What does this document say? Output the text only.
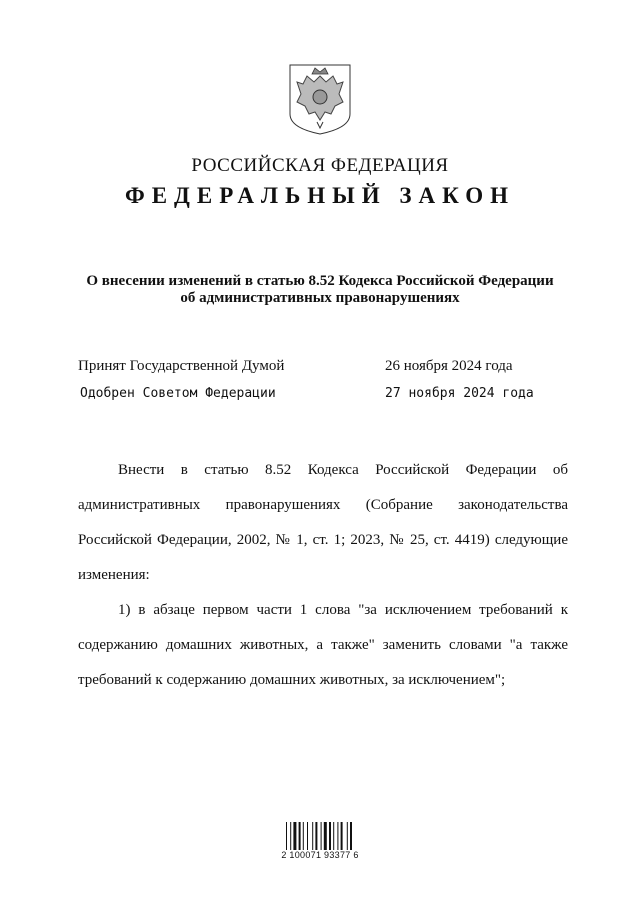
РОССИЙСКАЯ ФЕДЕРАЦИЯ
ФЕДЕРАЛЬНЫЙ ЗАКОН
О внесении изменений в статью 8.52 Кодекса Российской Федерации
об административных правонарушениях
Принят Государственной Думой	26 ноября 2024 года
Одобрен Советом Федерации	27 ноября 2024 года
Внести в статью 8.52 Кодекса Российской Федерации об
административных правонарушениях (Собрание законодательства
Российской Федерации, 2002, № 1, ст. 1; 2023, № 25, ст. 4419) следующие
изменения:
1) в абзаце первом части 1 слова "за исключением требований к
содержанию домашних животных, а также" заменить словами "а также
требований к содержанию домашних животных, за исключением";
2 100071 93377 6
